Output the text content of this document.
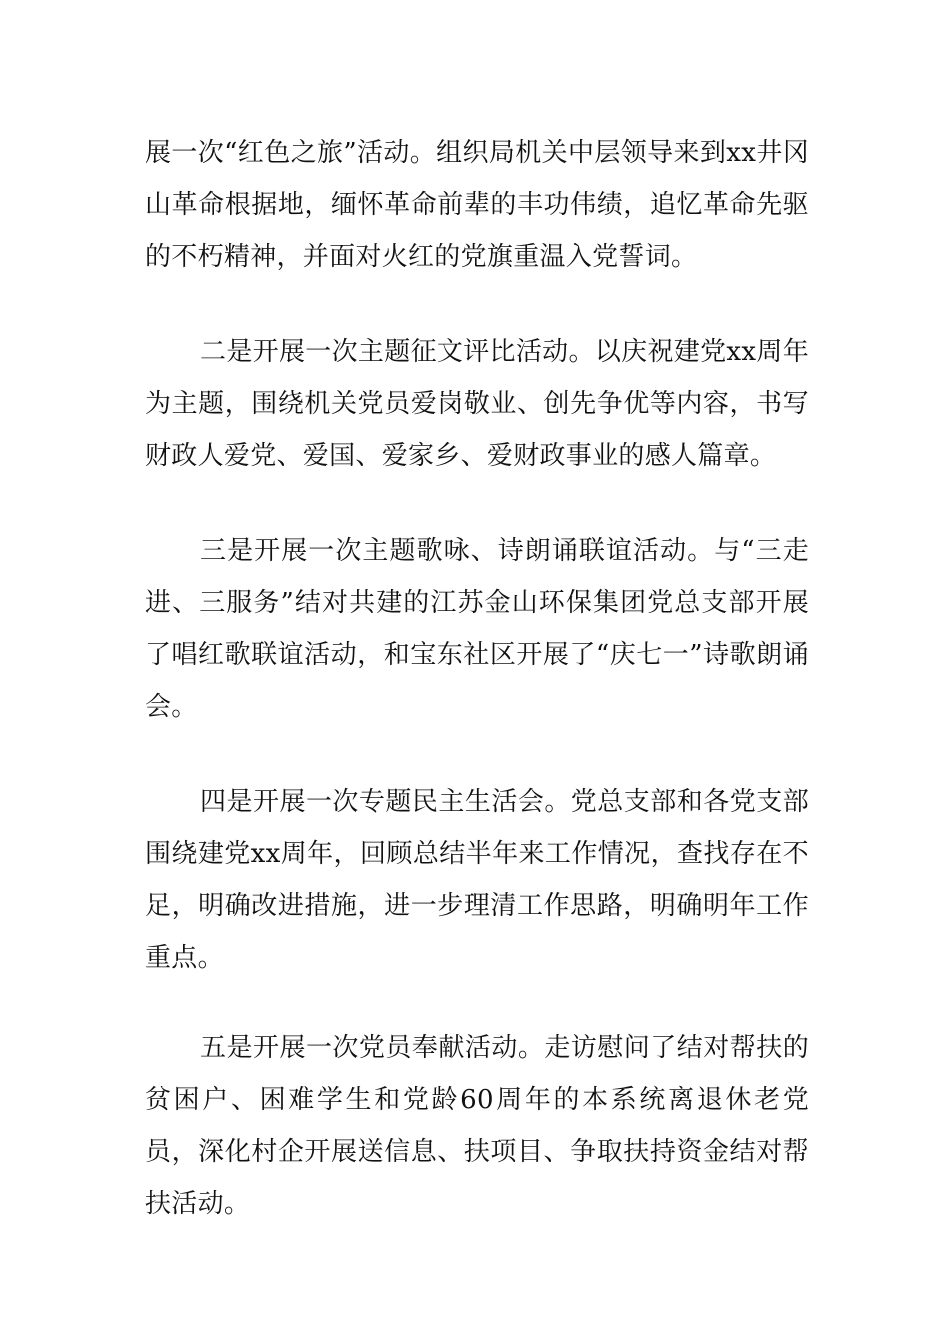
展一次“红色之旅”活动。组织局机关中层领导来到xx井冈山革命根据地，缅怀革命前辈的丰功伟绩，追忆革命先驱的不朽精神，并面对火红的党旗重温入党誓词。

二是开展一次主题征文评比活动。以庆祝建党xx周年为主题，围绕机关党员爱岗敬业、创先争优等内容，书写财政人爱党、爱国、爱家乡、爱财政事业的感人篇章。

三是开展一次主题歌咏、诗朗诵联谊活动。与“三走进、三服务”结对共建的江苏金山环保集团党总支部开展了唱红歌联谊活动，和宝东社区开展了“庆七一”诗歌朗诵会。

四是开展一次专题民主生活会。党总支部和各党支部围绕建党xx周年，回顾总结半年来工作情况，查找存在不足，明确改进措施，进一步理清工作思路，明确明年工作重点。

五是开展一次党员奉献活动。走访慰问了结对帮扶的贫困户、困难学生和党龄60周年的本系统离退休老党员，深化村企开展送信息、扶项目、争取扶持资金结对帮扶活动。
